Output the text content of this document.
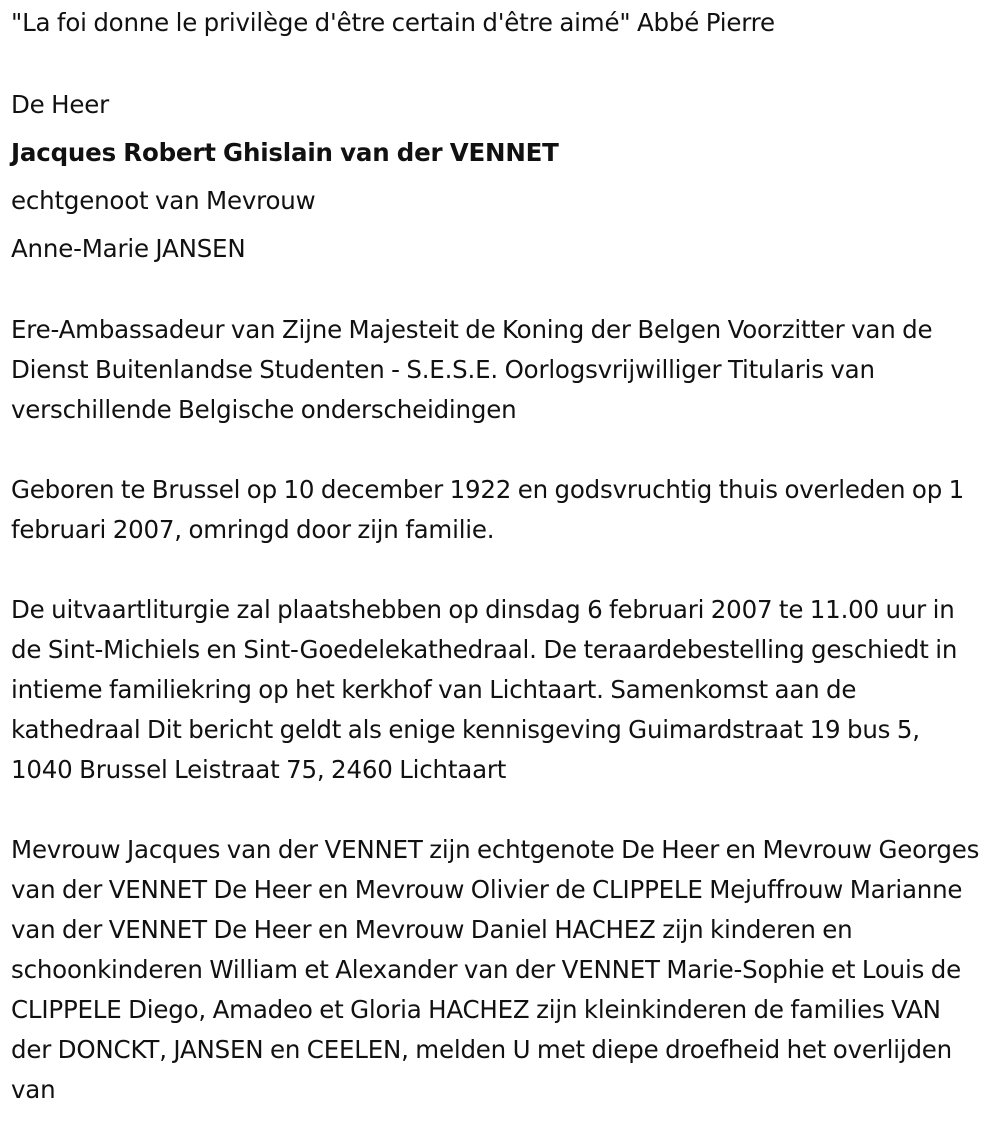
"La foi donne le privilège d'être certain d'être aimé" Abbé Pierre

De Heer

Jacques Robert Ghislain van der VENNET

echtgenoot van Mevrouw

Anne-Marie JANSEN

Ere-Ambassadeur van Zijne Majesteit de Koning der Belgen Voorzitter van de Dienst Buitenlandse Studenten - S.E.S.E. Oorlogsvrijwilliger Titularis van verschillende Belgische onderscheidingen

Geboren te Brussel op 10 december 1922 en godsvruchtig thuis overleden op 1 februari 2007, omringd door zijn familie.

De uitvaartliturgie zal plaatshebben op dinsdag 6 februari 2007 te 11.00 uur in de Sint-Michiels en Sint-Goedelekathedraal. De teraardebestelling geschiedt in intieme familiekring op het kerkhof van Lichtaart. Samenkomst aan de kathedraal Dit bericht geldt als enige kennisgeving Guimardstraat 19 bus 5, 1040 Brussel Leistraat 75, 2460 Lichtaart

Mevrouw Jacques van der VENNET zijn echtgenote De Heer en Mevrouw Georges van der VENNET De Heer en Mevrouw Olivier de CLIPPELE Mejuffrouw Marianne van der VENNET De Heer en Mevrouw Daniel HACHEZ zijn kinderen en schoonkinderen William et Alexander van der VENNET Marie-Sophie et Louis de CLIPPELE Diego, Amadeo et Gloria HACHEZ zijn kleinkinderen de families VAN der DONCKT, JANSEN en CEELEN, melden U met diepe droefheid het overlijden van
